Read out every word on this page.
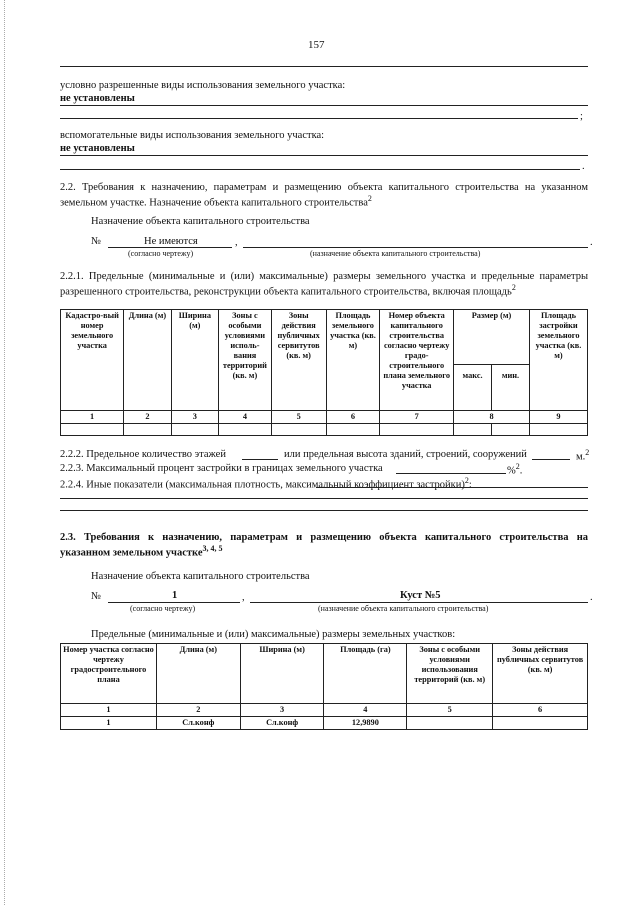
157
условно разрешенные виды использования земельного участка:
не установлены
;
вспомогательные виды использования земельного участка:
не установлены
.
2.2. Требования к назначению, параметрам и размещению объекта капитального строительства на указанном
земельном участке. Назначение объекта капитального строительства$^2$
Назначение объекта капитального строительства
№	Не имеются	,	.
(согласно чертежу)	(назначение объекта капитального строительства)
2.2.1. Предельные (минимальные и (или) максимальные) размеры земельного участка и предельные параметры
разрешенного строительства, реконструкции объекта капитального строительства, включая площадь$^2$
Кадастро-вый номер земельного участка	Длина (м)	Ширина (м)	Зоны с особыми условиями исполь-вания территорий (кв. м)	Зоны действия публичных сервитутов (кв. м)	Площадь земельного участка (кв. м)	Номер объекта капитального строительства согласно чертежу градо-строительного плана земельного участка	Размер (м)		Площадь застройки земельного участка (кв. м)
							макс.	мин.	
1	2	3	4	5	6	7	8		9

2.2.2. Предельное количество этажей	или предельная высота зданий, строений, сооружений	м.$^2$
2.2.3. Максимальный процент застройки в границах земельного участка	%$^2$.
2.2.4. Иные показатели (максимальная плотность, максимальный коэффициент застройки)$^2$:
2.3. Требования к назначению, параметрам и размещению объекта капитального строительства на
указанном земельном участке$^{3, 4, 5}$
Назначение объекта капитального строительства
№	1	,	Куст №5	.
(согласно чертежу)	(назначение объекта капитального строительства)
Предельные (минимальные и (или) максимальные) размеры земельных участков:
Номер участка согласно чертежу градостроительного плана	Длина (м)	Ширина (м)	Площадь (га)	Зоны с особыми условиями использования территорий (кв. м)	Зоны действия публичных сервитутов (кв. м)
1	2	3	4	5	6
1	Сл.конф	Сл.конф	12,9890		
